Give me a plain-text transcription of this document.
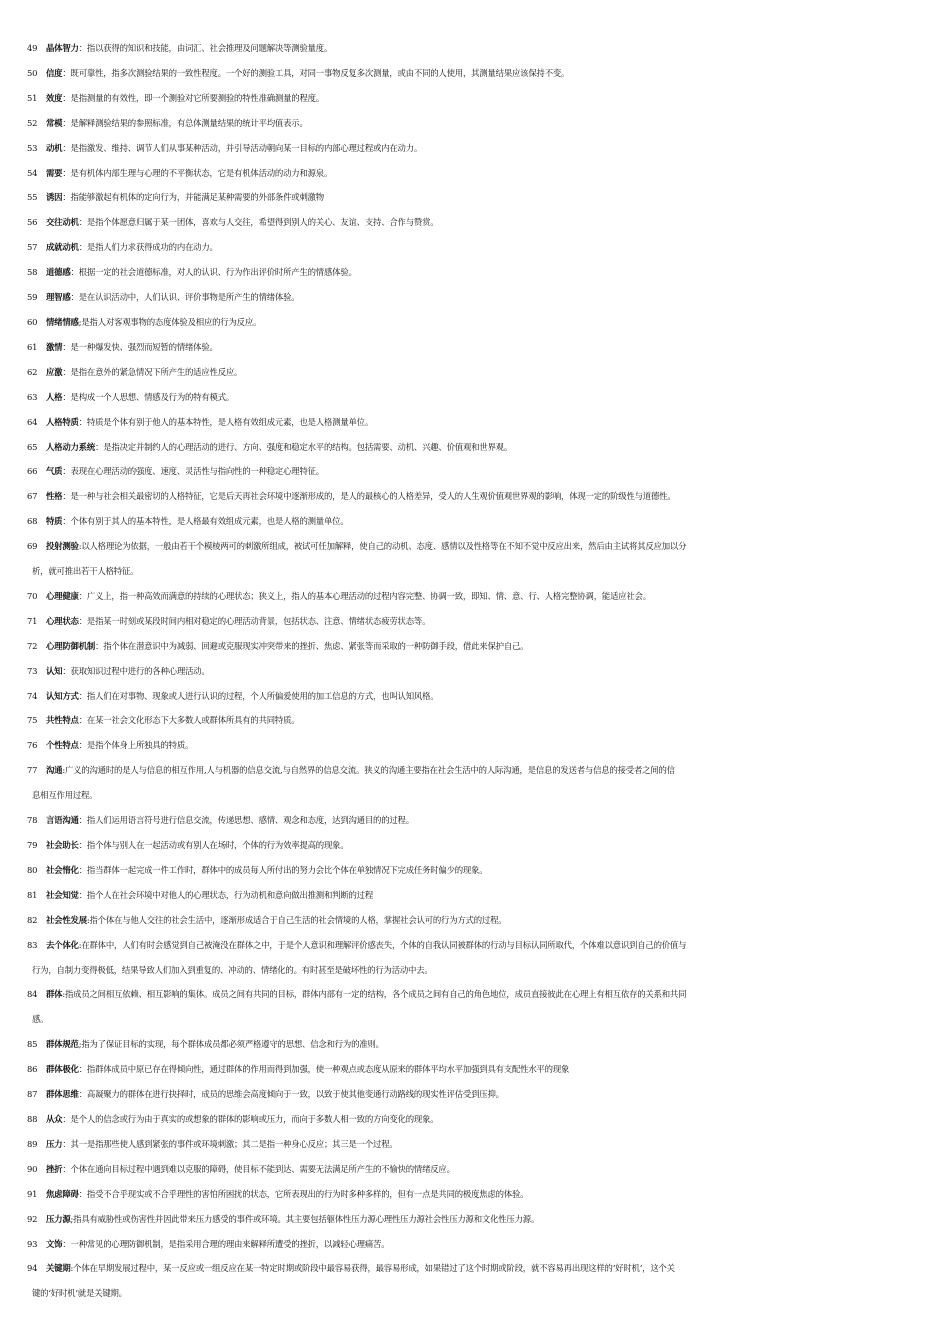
49	晶体智力：指以获得的知识和技能，由词汇、社会推理及问题解决等测验量度。
50	信度：既可靠性，指多次测验结果的一致性程度。一个好的测验工具，对同一事物反复多次测量，或由不同的人使用，其测量结果应该保持不变。
51	效度：是指测量的有效性，即一个测验对它所要测验的特性准确测量的程度。
52	常模：是解释测验结果的参照标准，有总体测量结果的统计平均值表示。
53	动机：是指激发、维持、调节人们从事某种活动，并引导活动朝向某一目标的内部心理过程或内在动力。
54	需要：是有机体内部生理与心理的不平衡状态，它是有机体活动的动力和源泉。
55	诱因：指能够激起有机体的定向行为，并能满足某种需要的外部条件或刺激物
56	交往动机：是指个体愿意归属于某一团体，喜欢与人交往，希望得到别人的关心、友谊、支持、合作与赞赏。
57	成就动机：是指人们力求获得成功的内在动力。
58	道德感：根据一定的社会道德标准，对人的认识、行为作出评价时所产生的情感体验。
59	理智感：是在认识活动中，人们认识、评价事物是所产生的情绪体验。
60	情绪情感;是指人对客观事物的态度体验及相应的行为反应。
61	激情：是一种爆发快、强烈而短暂的情绪体验。
62	应激：是指在意外的紧急情况下所产生的适应性反应。
63	人格：是构成一个人思想、情感及行为的特有模式。
64	人格特质：特质是个体有别于他人的基本特性，是人格有效组成元素，也是人格测量单位。
65	人格动力系统：是指决定并制约人的心理活动的进行、方向、强度和稳定水平的结构。包括需要、动机、兴趣、价值观和世界观。
66	气质：表现在心理活动的强度、速度、灵活性与指向性的一种稳定心理特征。
67	性格：是一种与社会相关最密切的人格特征，它是后天再社会环境中逐渐形成的，是人的最核心的人格差异，受人的人生观价值观世界观的影响，体现一定的阶级性与道德性。
68	特质：个体有别于其人的基本特性，是人格最有效组成元素，也是人格的测量单位。
69	投射测验:以人格理论为依据，一般由若干个模棱两可的刺激所组成，被试可任加解释，使自己的动机、态度、感情以及性格等在不知不觉中反应出来，然后由主试将其反应加以分
析，就可推出若干人格特征。
70	心理健康：广义上，指一种高效而满意的持续的心理状态；狭义上，指人的基本心理活动的过程内容完整、协调一致，即知、情、意、行、人格完整协调，能适应社会。
71	心理状态：是指某一时刻或某段时间内相对稳定的心理活动背景，包括状态、注意、情绪状态疲劳状态等。
72	心理防御机制：指个体在潜意识中为减弱、回避或克服现实冲突带来的挫折、焦虑、紧张等而采取的一种防御手段，借此来保护自己。
73	认知：获取知识过程中进行的各种心理活动。
74	认知方式：指人们在对事物、现象或人进行认识的过程，个人所偏爱使用的加工信息的方式，也叫认知风格。
75	共性特点：在某一社会文化形态下大多数人或群体所具有的共同特质。
76	个性特点：是指个体身上所独具的特质。
77	沟通:广义的沟通时的是人与信息的相互作用,人与机器的信息交流,与自然界的信息交流。狭义的沟通主要指在社会生活中的人际沟通，是信息的发送者与信息的接受者之间的信
息相互作用过程。
78	言语沟通：指人们运用语言符号进行信息交流，传递思想、感情、观念和态度，达到沟通目的的过程。
79	社会助长：指个体与别人在一起活动或有别人在场时，个体的行为效率提高的现象。
80	社会惰化：指当群体一起完成一件工作时，群体中的成员每人所付出的努力会比个体在单独情况下完成任务时偏少的现象。
81	社会知觉：指个人在社会环境中对他人的心理状态，行为动机和意向做出推测和判断的过程
82	社会性发展:指个体在与他人交往的社会生活中，逐渐形成适合于自己生活的社会情境的人格，掌握社会认可的行为方式的过程。
83	去个体化:在群体中，人们有时会感觉到自己被淹没在群体之中，于是个人意识和理解评价感丧失，个体的自我认同被群体的行动与目标认同所取代，个体难以意识到自己的价值与
行为，自制力变得极低，结果导致人们加入到重复的、冲动的、情绪化的。有时甚至是破坏性的行为活动中去。
84	群体:指成员之间相互依赖、相互影响的集体。成员之间有共同的目标，群体内部有一定的结构，各个成员之间有自己的角色地位，成员直接彼此在心理上有相互依存的关系和共同
感。
85	群体规范;指为了保证目标的实现，每个群体成员都必须严格遵守的思想、信念和行为的准则。
86	群体极化：指群体成员中原已存在得倾向性，通过群体的作用而得到加强，使一种观点或态度从原来的群体平均水平加强到具有支配性水平的现象
87	群体思维：高凝聚力的群体在进行抉择时，成员的思维会高度倾向于一致，以致于使其他变通行动路线的现实性评估受到压抑。
88	从众：是个人的信念或行为由于真实的或想象的群体的影响或压力，而向于多数人相一致的方向变化的现象。
89	压力：其一是指那些使人感到紧张的事件或环境刺激；其二是指一种身心反应；其三是一个过程。
90	挫折：个体在通向目标过程中遇到难以克服的障碍，使目标不能到达、需要无法满足所产生的不愉快的情绪反应。
91	焦虑障碍：指受不合乎现实或不合乎理性的害怕所困扰的状态，它所表现出的行为时多种多样的，但有一点是共同的极度焦虑的体验。
92	压力源;指具有威胁性或伤害性并因此带来压力感受的事件或环境。其主要包括躯体性压力源心理性压力源社会性压力源和文化性压力源。
93	文饰：一种常见的心理防御机制，是指采用合理的理由来解释所遭受的挫折，以减轻心理痛苦。
94	关键期:个体在早期发展过程中，某一反应或一组反应在某一特定时期或阶段中最容易获得，最容易形成，如果错过了这个时期或阶段，就不容易再出现这样的‘好时机’，这个关
键的‘好时机’就是关键期。
